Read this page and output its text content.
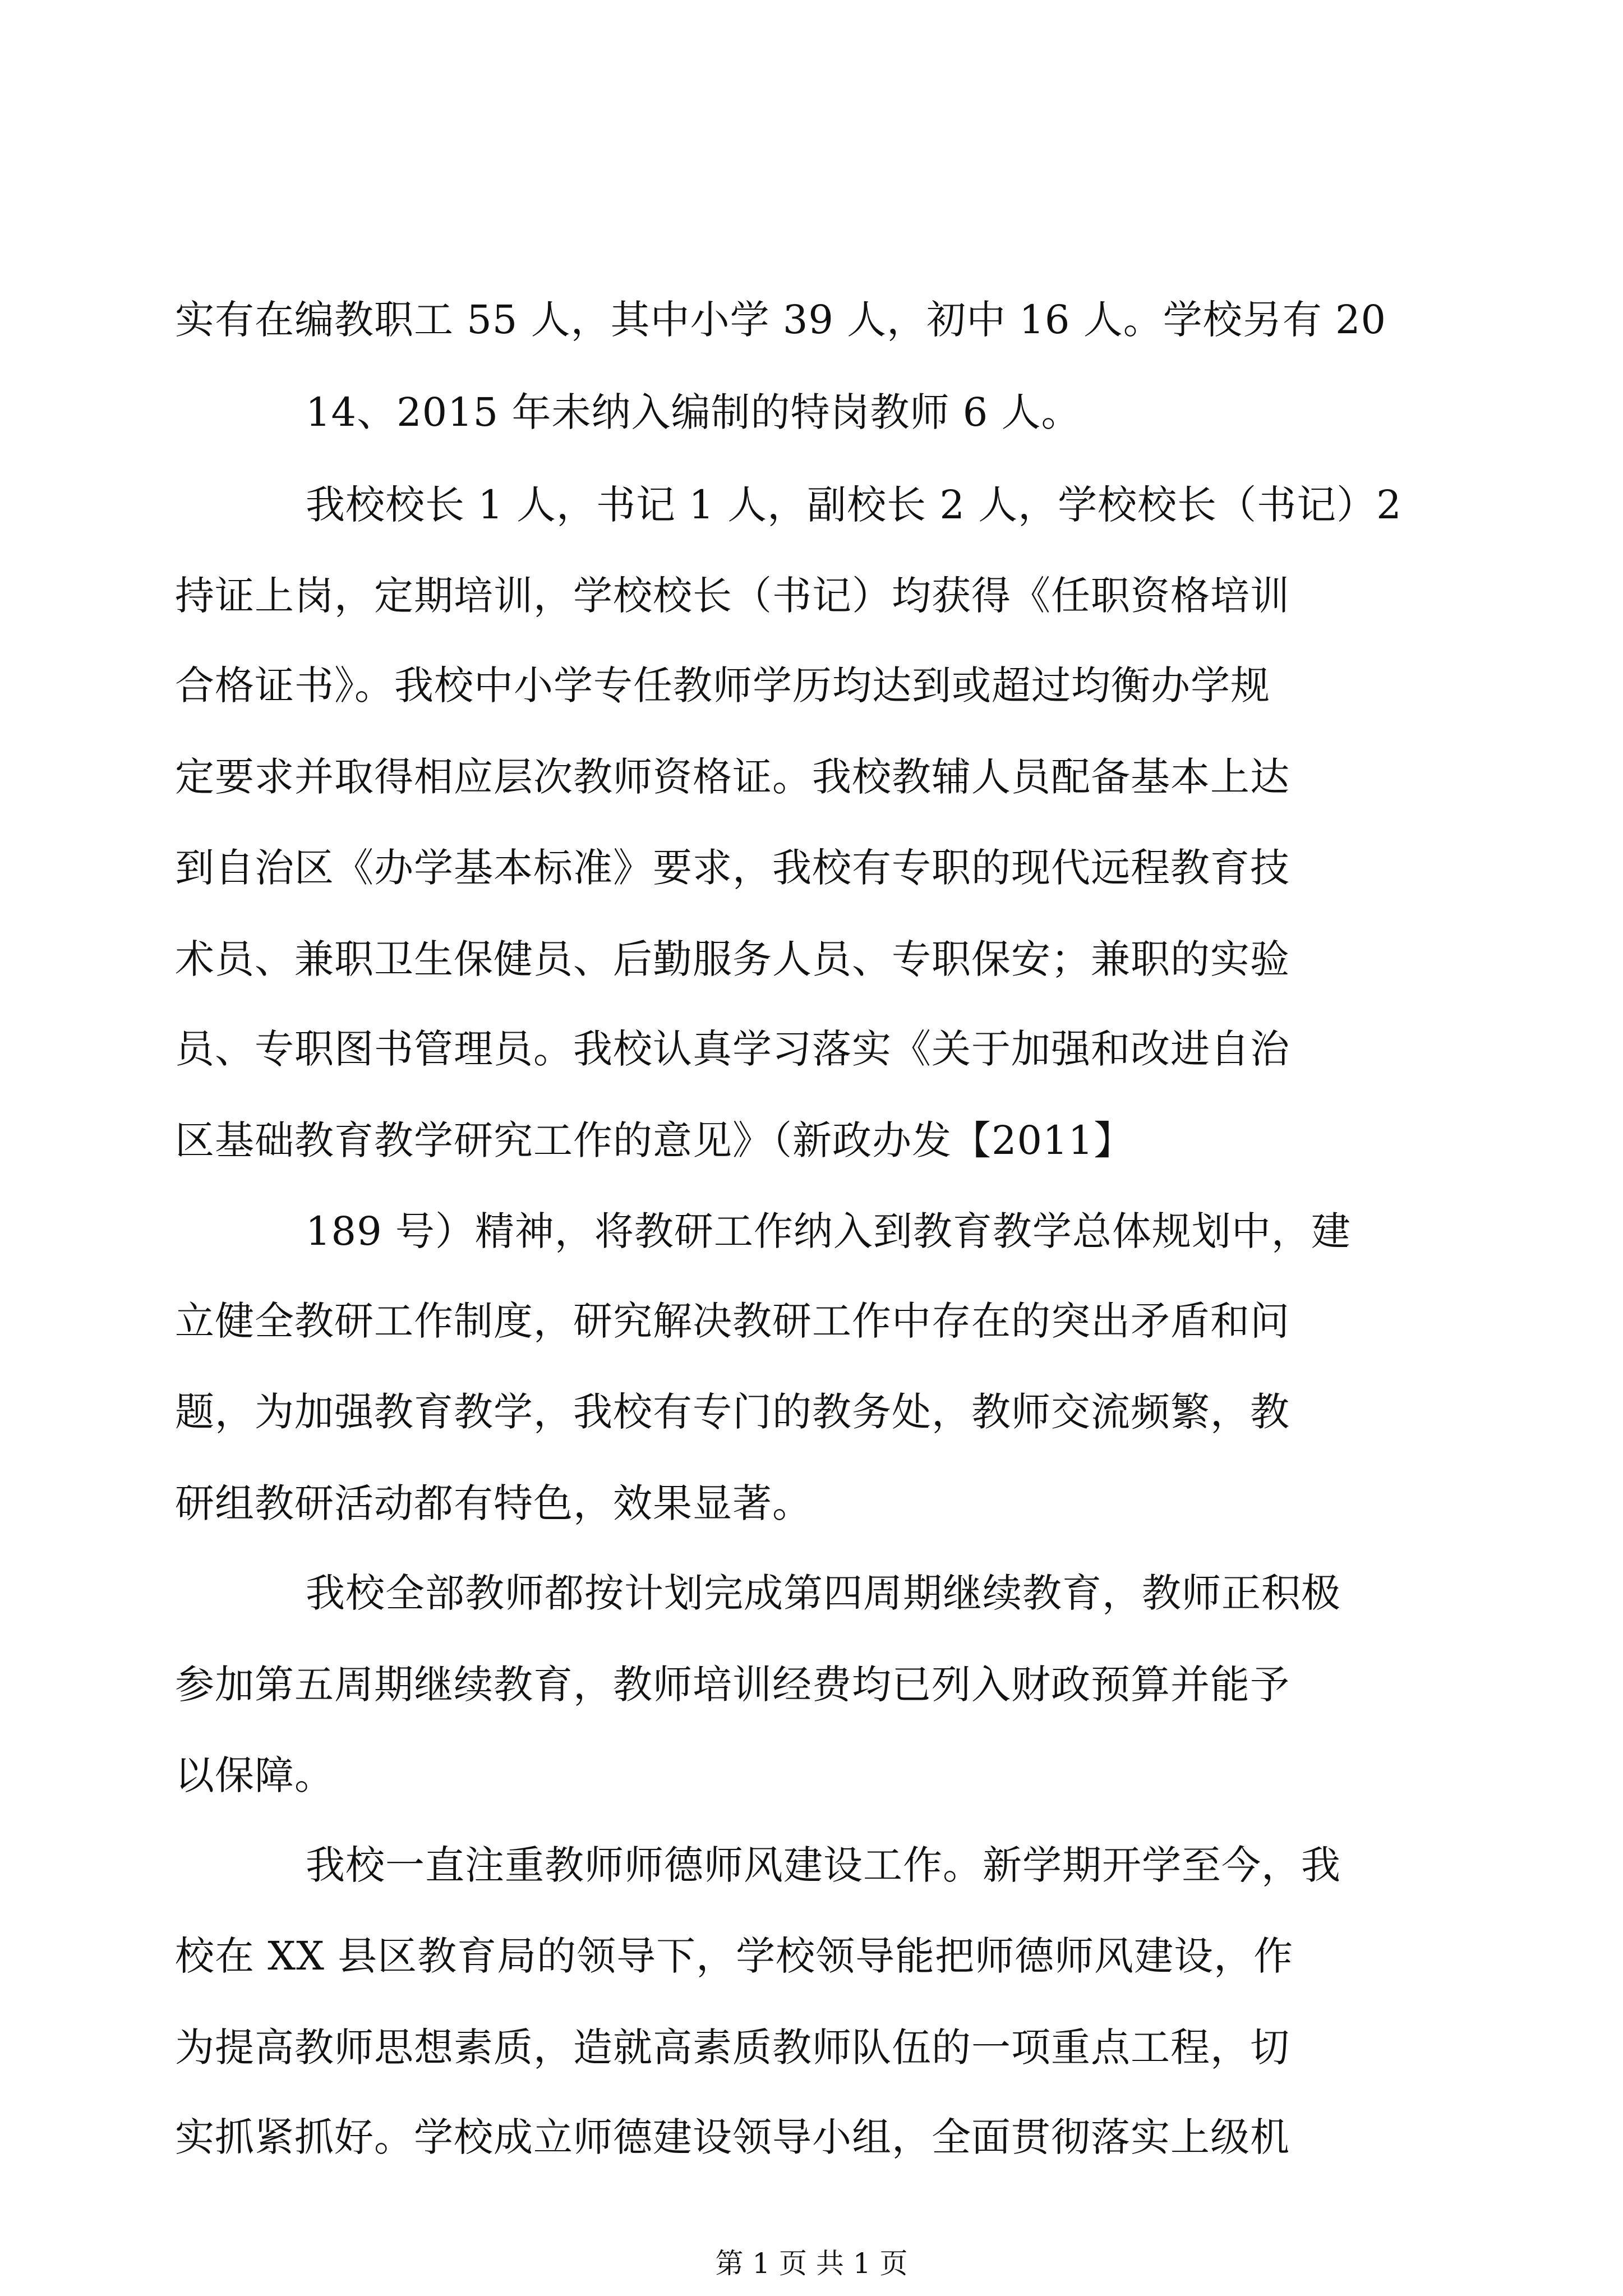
实有在编教职工 55 人，其中小学 39 人，初中 16 人。学校另有 20
14、2015 年未纳入编制的特岗教师 6 人。
我校校长 1 人，书记 1 人，副校长 2 人，学校校长（书记）2
持证上岗，定期培训，学校校长（书记）均获得《任职资格培训
合格证书》。我校中小学专任教师学历均达到或超过均衡办学规
定要求并取得相应层次教师资格证。我校教辅人员配备基本上达
到自治区《办学基本标准》要求，我校有专职的现代远程教育技
术员、兼职卫生保健员、后勤服务人员、专职保安；兼职的实验
员、专职图书管理员。我校认真学习落实《关于加强和改进自治
区基础教育教学研究工作的意见》（新政办发【2011】
189 号）精神，将教研工作纳入到教育教学总体规划中，建
立健全教研工作制度，研究解决教研工作中存在的突出矛盾和问
题，为加强教育教学，我校有专门的教务处，教师交流频繁，教
研组教研活动都有特色，效果显著。
我校全部教师都按计划完成第四周期继续教育，教师正积极
参加第五周期继续教育，教师培训经费均已列入财政预算并能予
以保障。
我校一直注重教师师德师风建设工作。新学期开学至今，我
校在 XX 县区教育局的领导下，学校领导能把师德师风建设，作
为提高教师思想素质，造就高素质教师队伍的一项重点工程，切
实抓紧抓好。学校成立师德建设领导小组，全面贯彻落实上级机
第 1 页 共 1 页
